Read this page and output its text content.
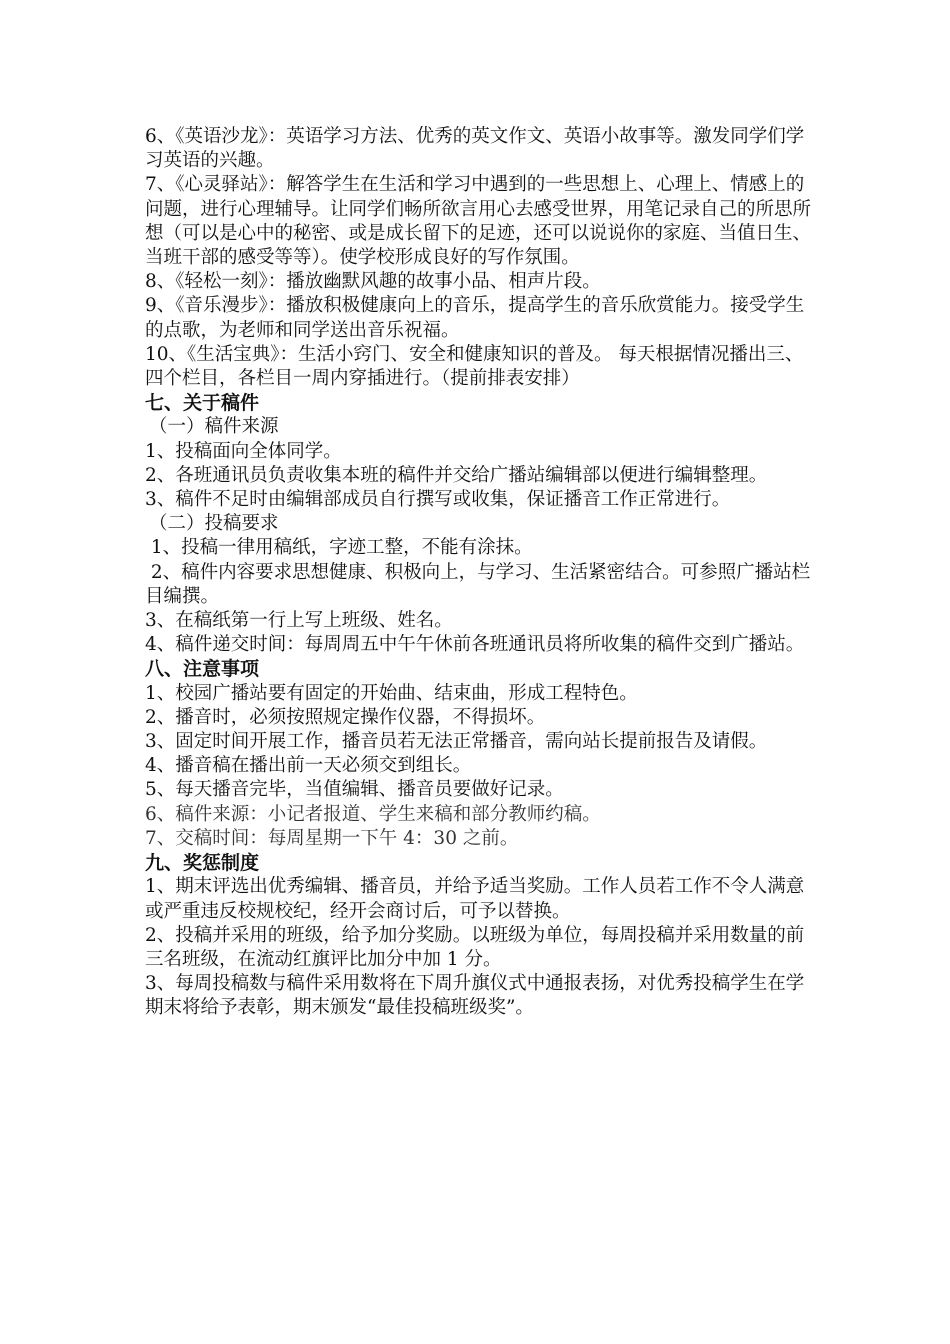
6、《英语沙龙》：英语学习方法、优秀的英文作文、英语小故事等。激发同学们学习英语的兴趣。

7、《心灵驿站》：解答学生在生活和学习中遇到的一些思想上、心理上、情感上的问题，进行心理辅导。让同学们畅所欲言用心去感受世界，用笔记录自己的所思所想（可以是心中的秘密、或是成长留下的足迹，还可以说说你的家庭、当值日生、当班干部的感受等等）。使学校形成良好的写作氛围。

8、《轻松一刻》：播放幽默风趣的故事小品、相声片段。

9、《音乐漫步》：播放积极健康向上的音乐，提高学生的音乐欣赏能力。接受学生的点歌，为老师和同学送出音乐祝福。

10、《生活宝典》：生活小窍门、安全和健康知识的普及。 每天根据情况播出三、四个栏目，各栏目一周内穿插进行。（提前排表安排）

七、关于稿件

（一）稿件来源

1、投稿面向全体同学。

2、各班通讯员负责收集本班的稿件并交给广播站编辑部以便进行编辑整理。

3、稿件不足时由编辑部成员自行撰写或收集，保证播音工作正常进行。

（二）投稿要求

1、投稿一律用稿纸，字迹工整，不能有涂抹。

2、稿件内容要求思想健康、积极向上，与学习、生活紧密结合。可参照广播站栏目编撰。

3、在稿纸第一行上写上班级、姓名。

4、稿件递交时间：每周周五中午午休前各班通讯员将所收集的稿件交到广播站。

八、注意事项

1、校园广播站要有固定的开始曲、结束曲，形成工程特色。

2、播音时，必须按照规定操作仪器，不得损坏。

3、固定时间开展工作，播音员若无法正常播音，需向站长提前报告及请假。

4、播音稿在播出前一天必须交到组长。

5、每天播音完毕，当值编辑、播音员要做好记录。

6、稿件来源：小记者报道、学生来稿和部分教师约稿。

7、交稿时间：每周星期一下午 4：30 之前。

九、奖惩制度

1、期末评选出优秀编辑、播音员，并给予适当奖励。工作人员若工作不令人满意或严重违反校规校纪，经开会商讨后，可予以替换。

2、投稿并采用的班级，给予加分奖励。以班级为单位，每周投稿并采用数量的前三名班级，在流动红旗评比加分中加 1 分。

3、每周投稿数与稿件采用数将在下周升旗仪式中通报表扬，对优秀投稿学生在学期末将给予表彰，期末颁发“最佳投稿班级奖”。
